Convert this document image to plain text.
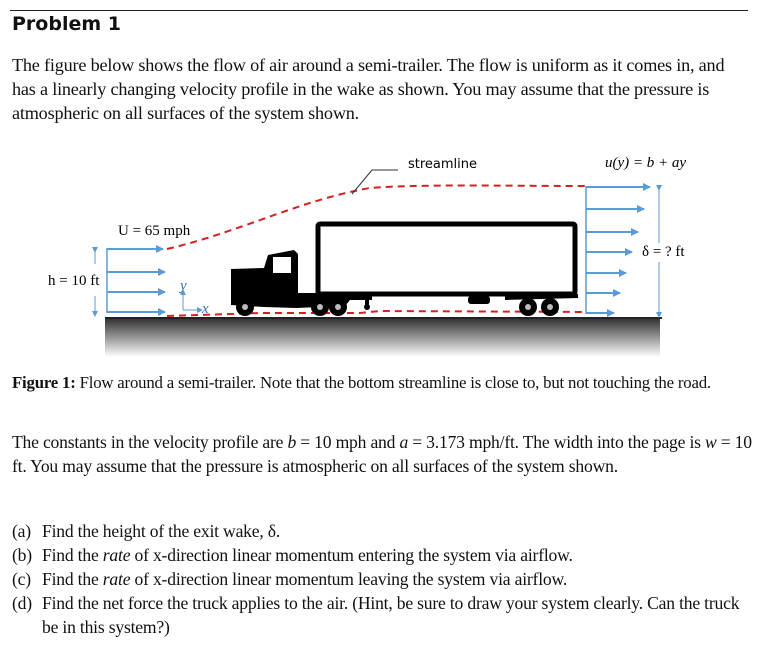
Problem 1
The figure below shows the flow of air around a semi-trailer. The flow is uniform as it comes in, and has a linearly changing velocity profile in the wake as shown. You may assume that the pressure is atmospheric on all surfaces of the system shown.
y
x
streamline
U = 65 mph
h = 10 ft
u(y) = b + ay
δ = ? ft
Figure 1: Flow around a semi-trailer. Note that the bottom streamline is close to, but not touching the road.
The constants in the velocity profile are b = 10 mph and a = 3.173 mph/ft. The width into the page is w = 10 ft. You may assume that the pressure is atmospheric on all surfaces of the system shown.
(a) Find the height of the exit wake, δ.
(b) Find the rate of x-direction linear momentum entering the system via airflow.
(c) Find the rate of x-direction linear momentum leaving the system via airflow.
(d) Find the net force the truck applies to the air. (Hint, be sure to draw your system clearly. Can the truck be in this system?)
